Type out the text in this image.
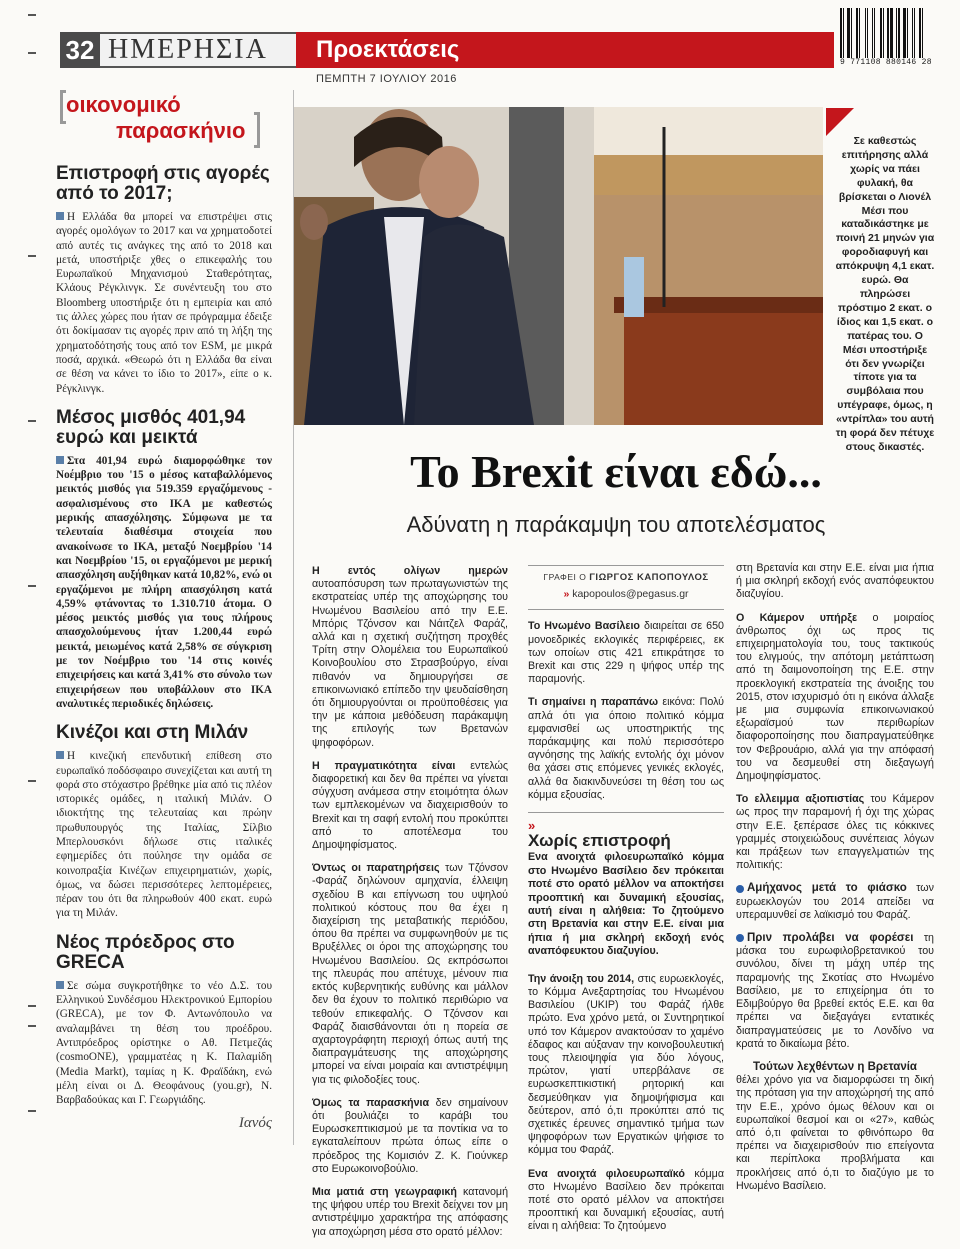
32 ΗΜΕΡΗΣΙΑ	Προεκτάσεις
ΠΕΜΠΤΗ 7 ΙΟΥΛΙΟΥ 2016
9 771108 880146 28
οικονομικό
παρασκήνιο
Επιστροφή στις αγορές από το 2017;
Η Ελλάδα θα μπορεί να επιστρέψει στις αγορές ομολόγων το 2017 και να χρηματοδοτεί από αυτές τις ανάγκες της από το 2018 και μετά, υποστήριξε χθες ο επικεφαλής του Ευρωπαϊκού Μηχανισμού Σταθερότητας, Κλάους Ρέγκλινγκ. Σε συνέντευξη του στο Bloomberg υποστήριξε ότι η εμπειρία και από τις άλλες χώρες που ήταν σε πρόγραμμα έδειξε ότι δοκίμασαν τις αγορές πριν από τη λήξη της χρηματοδότησής τους από τον ESM, με μικρά ποσά, αρχικά. «Θεωρώ ότι η Ελλάδα θα είναι σε θέση να κάνει το ίδιο το 2017», είπε ο κ. Ρέγκλινγκ.
Μέσος μισθός 401,94 ευρώ και μεικτά
Στα 401,94 ευρώ διαμορφώθηκε τον Νοέμβριο του '15 ο μέσος καταβαλλόμενος μεικτός μισθός για 519.359 εργαζόμενους - ασφαλισμένους στο ΙΚΑ με καθεστώς μερικής απασχόλησης. Σύμφωνα με τα τελευταία διαθέσιμα στοιχεία που ανακοίνωσε το ΙΚΑ, μεταξύ Νοεμβρίου '14 και Νοεμβρίου '15, οι εργαζόμενοι με μερική απασχόληση αυξήθηκαν κατά 10,82%, ενώ οι εργαζόμενοι με πλήρη απασχόληση κατά 4,59% φτάνοντας το 1.310.710 άτομα. Ο μέσος μεικτός μισθός για τους πλήρους απασχολούμενους ήταν 1.200,44 ευρώ μεικτά, μειωμένος κατά 2,58% σε σύγκριση με τον Νοέμβριο του '14 στις κοινές επιχειρήσεις και κατά 3,41% στο σύνολο των επιχειρήσεων που υποβάλλουν στο ΙΚΑ αναλυτικές περιοδικές δηλώσεις.
Κινέζοι και στη Μιλάν
Η κινεζική επενδυτική επίθεση στο ευρωπαϊκό ποδόσφαιρο συνεχίζεται και αυτή τη φορά στο στόχαστρο βρέθηκε μία από τις πλέον ιστορικές ομάδες, η ιταλική Μιλάν. Ο ιδιοκτήτης της τελευταίας και πρώην πρωθυπουργός της Ιταλίας, Σίλβιο Μπερλουσκόνι δήλωσε στις ιταλικές εφημερίδες ότι πούλησε την ομάδα σε κοινοπραξία Κινέζων επιχειρηματιών, χωρίς, όμως, να δώσει περισσότερες λεπτομέρειες, πέραν του ότι θα πληρωθούν 400 εκατ. ευρώ για τη Μιλάν.
Νέος πρόεδρος στο GRECA
Σε σώμα συγκροτήθηκε το νέο Δ.Σ. του Ελληνικού Συνδέσμου Ηλεκτρονικού Εμπορίου (GRECA), με τον Φ. Αντωνόπουλο να αναλαμβάνει τη θέση του προέδρου. Αντιπρόεδρος ορίστηκε ο Αθ. Πετμεζάς (cosmoONE), γραμματέας η Κ. Παλαμίδη (Media Markt), ταμίας η Κ. Φραϊδάκη, ενώ μέλη είναι οι Δ. Θεοφάνους (you.gr), Ν. Βαρβαδούκας και Γ. Γεωργιάδης.
Ιανός
Σε καθεστώς επιτήρησης αλλά χωρίς να πάει φυλακή, θα βρίσκεται ο Λιονέλ Μέσι που καταδικάστηκε με ποινή 21 μηνών για φοροδιαφυγή και απόκρυψη 4,1 εκατ. ευρώ. Θα πληρώσει πρόστιμο 2 εκατ. ο ίδιος και 1,5 εκατ. ο πατέρας του. Ο Μέσι υποστήριξε ότι δεν γνωρίζει τίποτε για τα συμβόλαια που υπέγραφε, όμως, η «ντρίπλα» του αυτή τη φορά δεν πέτυχε στους δικαστές.
Το Brexit είναι εδώ...
Αδύνατη η παράκαμψη του αποτελέσματος

Η εντός ολίγων ημερών αυτοαπόσυρση των πρωταγωνιστών της εκστρατείας υπέρ της αποχώρησης του Ηνωμένου Βασιλείου από την Ε.Ε. Μπόρις Τζόνσον και Νάιτζελ Φαράζ, αλλά και η σχετική συζήτηση προχθές Τρίτη στην Ολομέλεια του Ευρωπαϊκού Κοινοβουλίου στο Στρασβούργο, είναι πιθανόν να δημιουργήσει σε επικοινωνιακό επίπεδο την ψευδαίσθηση ότι δημιουργούνται οι προϋποθέσεις για την με κάποια μεθόδευση παράκαμψη της επιλογής των Βρετανών ψηφοφόρων.

Η πραγματικότητα είναι εντελώς διαφορετική και δεν θα πρέπει να γίνεται σύγχυση ανάμεσα στην ετοιμότητα όλων των εμπλεκομένων να διαχειρισθούν το Brexit και τη σαφή εντολή που προκύπτει από το αποτέλεσμα του Δημοψηφίσματος.

Όντως οι παρατηρήσεις των Τζόνσον -Φαράζ δηλώνουν αμηχανία, έλλειψη σχεδίου Β και επίγνωση του υψηλού πολιτικού κόστους που θα έχει η διαχείριση της μεταβατικής περιόδου, όπου θα πρέπει να συμφωνηθούν με τις Βρυξέλλες οι όροι της αποχώρησης του Ηνωμένου Βασιλείου. Ως εκπρόσωποι της πλευράς που απέτυχε, μένουν πια εκτός κυβερνητικής ευθύνης και μάλλον δεν θα έχουν το πολιτικό περιθώριο να τεθούν επικεφαλής. Ο Τζόνσον και Φαράζ διαισθάνονται ότι η πορεία σε αχαρτογράφητη περιοχή όπως αυτή της διαπραγμάτευσης της αποχώρησης μπορεί να είναι μοιραία και αντιστρέψιμη για τις φιλοδοξίες τους.

Όμως τα παρασκήνια δεν σημαίνουν ότι βουλιάζει το καράβι του Ευρωσκεπτικισμού με τα ποντίκια να το εγκαταλείπουν πρώτα όπως είπε ο πρόεδρος της Κομισιόν Ζ. Κ. Γιούνκερ στο Ευρωκοινοβούλιο.

Μια ματιά στη γεωγραφική κατανομή της ψήφου υπέρ του Brexit δείχνει τον μη αντιστρέψιμο χαρακτήρα της απόφασης για αποχώρηση μέσα στο ορατό μέλλον:

ΓΡΑΦΕΙ Ο ΓΙΩΡΓΟΣ ΚΑΠΟΠΟΥΛΟΣ
» kapopoulos@pegasus.gr

Το Ηνωμένο Βασίλειο διαιρείται σε 650 μονοεδρικές εκλογικές περιφέρειες, εκ των οποίων στις 421 επικράτησε το Brexit και στις 229 η ψήφος υπέρ της παραμονής.

Τι σημαίνει η παραπάνω εικόνα: Πολύ απλά ότι για όποιο πολιτικό κόμμα εμφανισθεί ως υποστηρικτής της παράκαμψης και πολύ περισσότερο αγνόησης της λαϊκής εντολής όχι μόνον θα χάσει στις επόμενες γενικές εκλογές, αλλά θα διακινδυνεύσει τη θέση του ως κόμμα εξουσίας.

»
Χωρίς επιστροφή
Ενα ανοιχτά φιλοευρωπαϊκό κόμμα στο Ηνωμένο Βασίλειο δεν πρόκειται ποτέ στο ορατό μέλλον να αποκτήσει προοπτική και δυναμική εξουσίας, αυτή είναι η αλήθεια: Το ζητούμενο στη Βρετανία και στην Ε.Ε. είναι μια ήπια ή μια σκληρή εκδοχή ενός αναπόφευκτου διαζυγίου.

Την άνοιξη του 2014, στις ευρωεκλογές, το Κόμμα Ανεξαρτησίας του Ηνωμένου Βασιλείου (UKIP) του Φαράζ ήλθε πρώτο. Ενα χρόνο μετά, οι Συντηρητικοί υπό τον Κάμερον ανακτούσαν το χαμένο έδαφος και αύξαναν την κοινοβουλευτική τους πλειοψηφία για δύο λόγους, πρώτον, γιατί υπερβάλανε σε ευρωσκεπτικιστική ρητορική και δεσμεύθηκαν για δημοψήφισμα και δεύτερον, από ό,τι προκύπτει από τις σχετικές έρευνες σημαντικό τμήμα των ψηφοφόρων των Εργατικών ψήφισε το κόμμα του Φαράζ.

Ενα ανοιχτά φιλοευρωπαϊκό κόμμα στο Ηνωμένο Βασίλειο δεν πρόκειται ποτέ στο ορατό μέλλον να αποκτήσει προοπτική και δυναμική εξουσίας, αυτή είναι η αλήθεια: Το ζητούμενο

στη Βρετανία και στην Ε.Ε. είναι μια ήπια ή μια σκληρή εκδοχή ενός αναπόφευκτου διαζυγίου.

Ο Κάμερον υπήρξε ο μοιραίος άνθρωπος όχι ως προς τις επιχειρηματολογία του, τους τακτικούς του ελιγμούς, την απότομη μετάπτωση από τη δαιμονοποίηση της Ε.Ε. στην προεκλογική εκστρατεία της άνοιξης του 2015, στον ισχυρισμό ότι η εικόνα άλλαξε με μια συμφωνία επικοινωνιακού εξωραϊσμού των περιθωρίων διαφοροποίησης που διαπραγματεύθηκε τον Φεβρουάριο, αλλά για την απόφασή του να δεσμευθεί στη διεξαγωγή Δημοψηφίσματος.

Το ελλειμμα αξιοπιστίας του Κάμερον ως προς την παραμονή ή όχι της χώρας στην Ε.Ε. ξεπέρασε όλες τις κόκκινες γραμμές στοιχειώδους συνέπειας λόγων και πράξεων των επαγγελματιών της πολιτικής:

Αμήχανος μετά το φιάσκο των ευρωεκλογών του 2014 απείδει να υπεραμυνθεί σε λαϊκισμό του Φαράζ.

Πριν προλάβει να φορέσει τη μάσκα του ευρωφιλοβρετανικού του συνόλου, δίνει τη μάχη υπέρ της παραμονής της Σκοτίας στο Ηνωμένο Βασίλειο, με το επιχείρημα ότι το Εδιμβούργο θα βρεθεί εκτός Ε.Ε. και θα πρέπει να διεξαγάγει εντατικές διαπραγματεύσεις με το Λονδίνο να κρατά το δικαίωμα βέτο.

Τούτων λεχθέντων η Βρετανία
θέλει χρόνο για να διαμορφώσει τη δική της πρόταση για την αποχώρησή της από την Ε.Ε., χρόνο όμως θέλουν και οι ευρωπαϊκοί θεσμοί και οι «27», καθώς από ό,τι φαίνεται το φθινόπωρο θα πρέπει να διαχειρισθούν πιο επείγοντα και περίπλοκα προβλήματα και προκλήσεις από ό,τι το διαζύγιο με το Ηνωμένο Βασίλειο.
